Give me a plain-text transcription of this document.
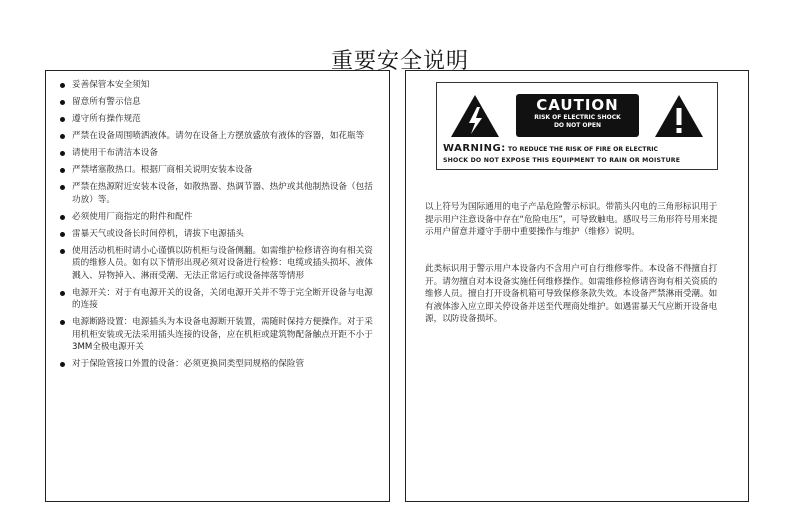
重要安全说明
妥善保管本安全须知
留意所有警示信息
遵守所有操作规范
严禁在设备周围喷洒液体。请勿在设备上方摆放盛放有液体的容器，如花瓶等
请使用干布清洁本设备
严禁堵塞散热口。根据厂商相关说明安装本设备
严禁在热源附近安装本设备，如散热器、热调节器、热炉或其他制热设备（包括功放）等。
必须使用厂商指定的附件和配件
雷暴天气或设备长时间停机，请拔下电源插头
使用活动机柜时请小心谨慎以防机柜与设备侧翻。如需维护检修请咨询有相关资质的维修人员。如有以下情形出现必须对设备进行检修：电缆或插头损坏、液体溅入、异物掉入、淋雨受潮、无法正常运行或设备摔落等情形
电源开关：对于有电源开关的设备，关闭电源开关并不等于完全断开设备与电源的连接
电源断路设置：电源插头为本设备电源断开装置，需随时保持方便操作。对于采用机柜安装或无法采用插头连接的设备，应在机柜或建筑物配备触点开距不小于3MM全极电源开关
对于保险管接口外置的设备：必须更换同类型同规格的保险管
CAUTION
RISK OF ELECTRIC SHOCK
DO NOT OPEN
WARNING: TO REDUCE THE RISK OF FIRE OR ELECTRIC
SHOCK DO NOT EXPOSE THIS EQUIPMENT TO RAIN OR MOISTURE

以上符号为国际通用的电子产品危险警示标识。带箭头闪电的三角形标识用于提示用户注意设备中存在“危险电压”，可导致触电。感叹号三角形符号用来提示用户留意并遵守手册中重要操作与维护（维修）说明。

此类标识用于警示用户本设备内不含用户可自行维修零件。本设备不得擅自打开。请勿擅自对本设备实施任何维修操作。如需维修检修请咨询有相关资质的维修人员。擅自打开设备机箱可导致保修条款失效。本设备严禁淋雨受潮。如有液体渗入应立即关停设备并送至代理商处维护。如遇雷暴天气应断开设备电源，以防设备损坏。
